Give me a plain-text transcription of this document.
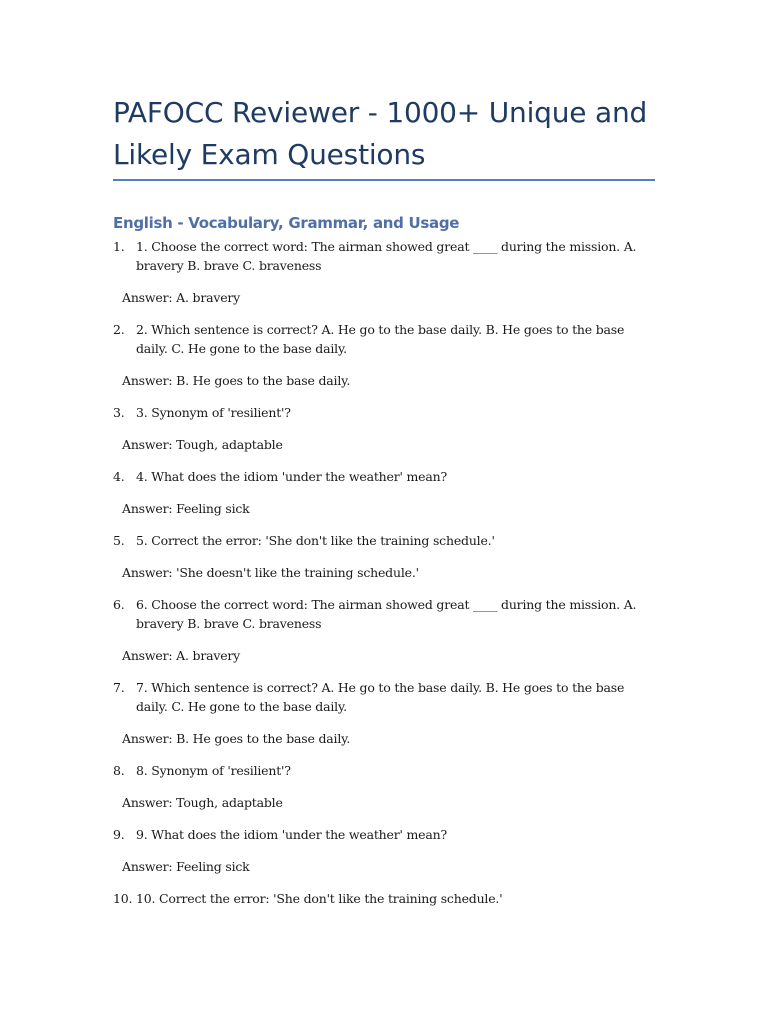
PAFOCC Reviewer - 1000+ Unique and Likely Exam Questions
English - Vocabulary, Grammar, and Usage
1. 1. Choose the correct word: The airman showed great ____ during the mission. A. bravery B. brave C. braveness

Answer: A. bravery

2. 2. Which sentence is correct? A. He go to the base daily. B. He goes to the base daily. C. He gone to the base daily.

Answer: B. He goes to the base daily.

3. 3. Synonym of 'resilient'?

Answer: Tough, adaptable

4. 4. What does the idiom 'under the weather' mean?

Answer: Feeling sick

5. 5. Correct the error: 'She don't like the training schedule.'

Answer: 'She doesn't like the training schedule.'

6. 6. Choose the correct word: The airman showed great ____ during the mission. A. bravery B. brave C. braveness

Answer: A. bravery

7. 7. Which sentence is correct? A. He go to the base daily. B. He goes to the base daily. C. He gone to the base daily.

Answer: B. He goes to the base daily.

8. 8. Synonym of 'resilient'?

Answer: Tough, adaptable

9. 9. What does the idiom 'under the weather' mean?

Answer: Feeling sick

10. 10. Correct the error: 'She don't like the training schedule.'
